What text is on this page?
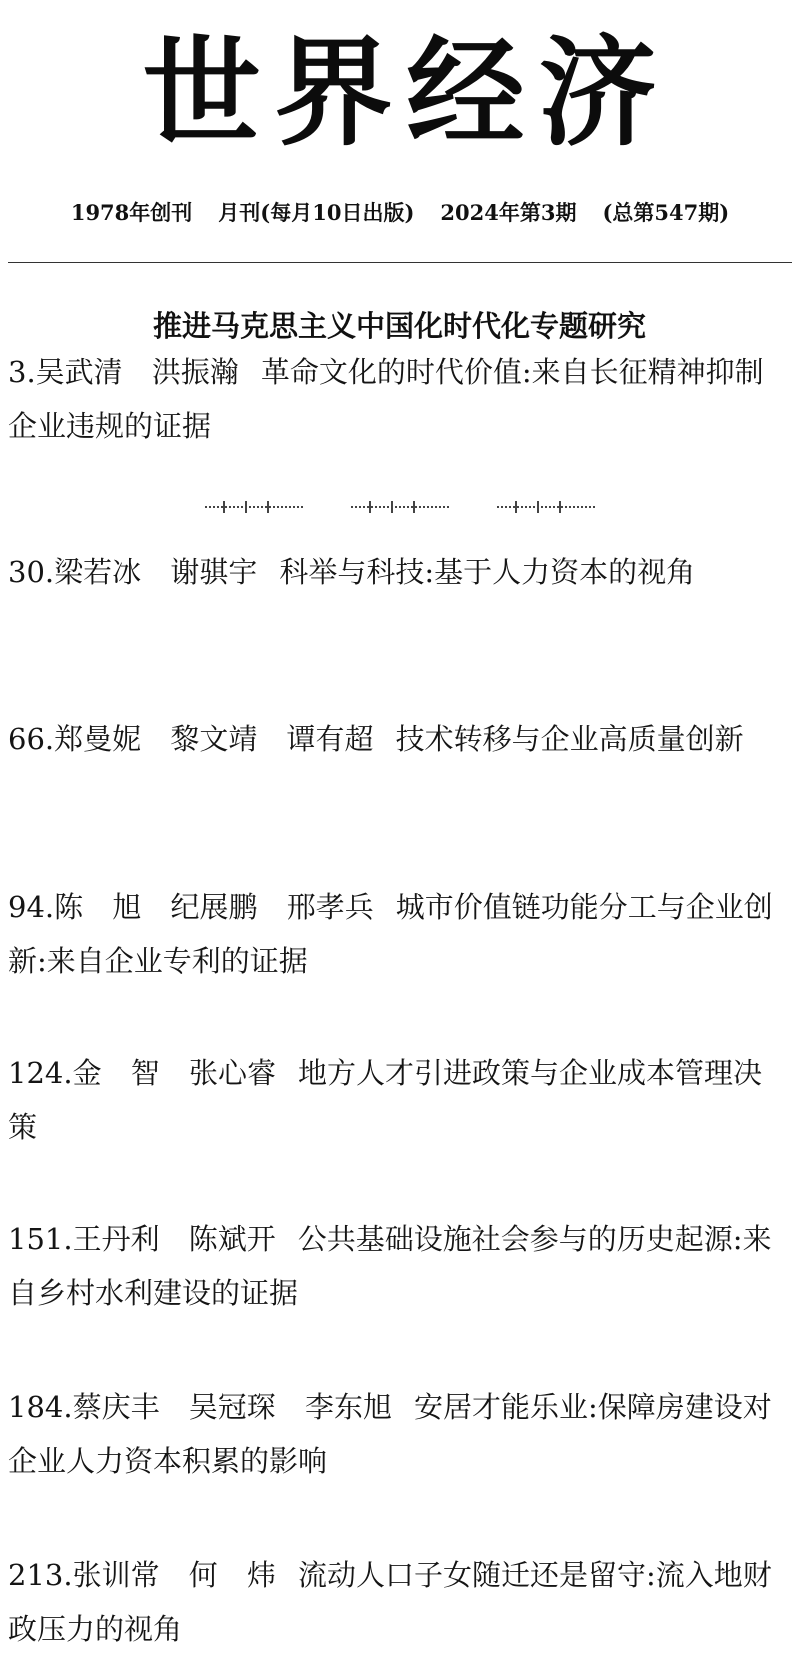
世界经济
1978年创刊 月刊(每月10日出版) 2024年第3期 (总第547期)
推进马克思主义中国化时代化专题研究
3.吴武清 洪振瀚 革命文化的时代价值:来自长征精神抑制企业违规的证据
30.梁若冰 谢骐宇 科举与科技:基于人力资本的视角
66.郑曼妮 黎文靖 谭有超 技术转移与企业高质量创新
94.陈 旭 纪展鹏 邢孝兵 城市价值链功能分工与企业创新:来自企业专利的证据
124.金 智 张心睿 地方人才引进政策与企业成本管理决策
151.王丹利 陈斌开 公共基础设施社会参与的历史起源:来自乡村水利建设的证据
184.蔡庆丰 吴冠琛 李东旭 安居才能乐业:保障房建设对企业人力资本积累的影响
213.张训常 何 炜 流动人口子女随迁还是留守:流入地财政压力的视角
